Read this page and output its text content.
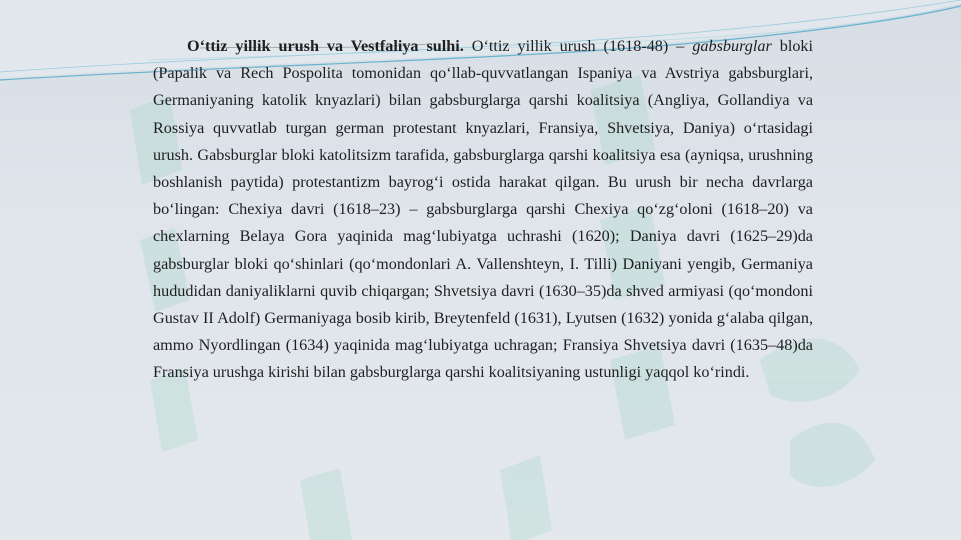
O‘ttiz yillik urush va Vestfaliya sulhi. O‘ttiz yillik urush (1618-48) – gabsburglar bloki (Papalik va Rech Pospolita tomonidan qo‘llab-quvvatlangan Ispaniya va Avstriya gabsburglari, Germaniyaning katolik knyazlari) bilan gabsburglarga qarshi koalitsiya (Angliya, Gollandiya va Rossiya quvvatlab turgan german protestant knyazlari, Fransiya, Shvetsiya, Daniya) o‘rtasidagi urush. Gabsburglar bloki katolitsizm tarafida, gabsburglarga qarshi koalitsiya esa (ayniqsa, urushning boshlanish paytida) protestantizm bayrog‘i ostida harakat qilgan. Bu urush bir necha davrlarga bo‘lingan: Chexiya davri (1618–23) – gabsburglarga qarshi Chexiya qo‘zg‘oloni (1618–20) va chexlarning Belaya Gora yaqinida mag‘lubiyatga uchrashi (1620); Daniya davri (1625–29)da gabsburglar bloki qo‘shinlari (qo‘mondonlari A. Vallenshteyn, I. Tilli) Daniyani yengib, Germaniya hududidan daniyaliklarni quvib chiqargan; Shvetsiya davri (1630–35)da shved armiyasi (qo‘mondoni Gustav II Adolf) Germaniyaga bosib kirib, Breytenfeld (1631), Lyutsen (1632) yonida g‘alaba qilgan, ammo Nyordlingan (1634) yaqinida mag‘lubiyatga uchragan; Fransiya Shvetsiya davri (1635–48)da Fransiya urushga kirishi bilan gabsburglarga qarshi koalitsiyaning ustunligi yaqqol ko‘rindi.
